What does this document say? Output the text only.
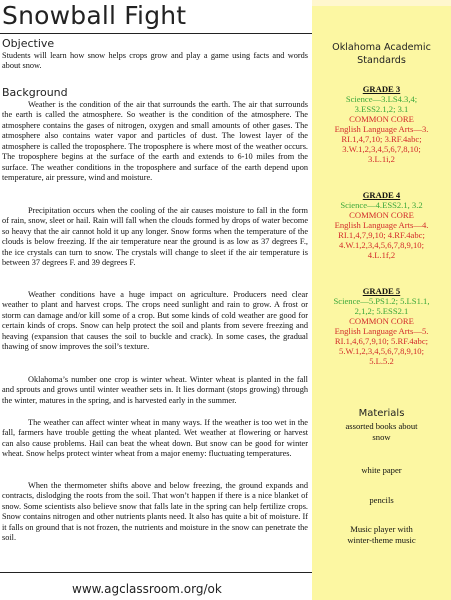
Snowball Fight
Objective

Students will learn how snow helps crops grow and play a game using facts and words about snow.

Background

Weather is the condition of the air that surrounds the earth. The air that surrounds the earth is called the atmosphere. So weather is the condition of the atmosphere. The atmosphere contains the gases of nitrogen, oxygen and small amounts of other gases. The atmosphere also contains water vapor and particles of dust. The lowest layer of the atmosphere is called the troposphere. The troposphere is where most of the weather occurs. The troposphere begins at the surface of the earth and extends to 6-10 miles from the surface. The weather conditions in the troposphere and surface of the earth depend upon temperature, air pressure, wind and moisture.

Precipitation occurs when the cooling of the air causes moisture to fall in the form of rain, snow, sleet or hail. Rain will fall when the clouds formed by drops of water become so heavy that the air cannot hold it up any longer. Snow forms when the temperature of the clouds is below freezing. If the air temperature near the ground is as low as 37 degrees F., the ice crystals can turn to snow. The crystals will change to sleet if the air temperature is between 37 degrees F. and 39 degrees F.

Weather conditions have a huge impact on agriculture. Producers need clear weather to plant and harvest crops. The crops need sunlight and rain to grow. A frost or storm can damage and/or kill some of a crop. But some kinds of cold weather are good for certain kinds of crops. Snow can help protect the soil and plants from severe freezing and heaving (expansion that causes the soil to buckle and crack). In some cases, the gradual thawing of snow improves the soil’s texture.

Oklahoma’s number one crop is winter wheat. Winter wheat is planted in the fall and sprouts and grows until winter weather sets in. It lies dormant (stops growing) through the winter, matures in the spring, and is harvested early in the summer.

The weather can affect winter wheat in many ways. If the weather is too wet in the fall, farmers have trouble getting the wheat planted. Wet weather at flowering or harvest can also cause problems. Hail can beat the wheat down. But snow can be good for winter wheat. Snow helps protect winter wheat from a major enemy: fluctuating temperatures.

When the thermometer shifts above and below freezing, the ground expands and contracts, dislodging the roots from the soil. That won’t happen if there is a nice blanket of snow. Some scientists also believe snow that falls late in the spring can help fertilize crops. Snow contains nitrogen and other nutrients plants need. It also has quite a bit of moisture. If it falls on ground that is not frozen, the nutrients and moisture in the snow can penetrate the soil.

www.agclassroom.org/ok
Oklahoma Academic
Standards
GRADE 3
Science—3.LS4.3,4;
3.ESS2.1,2; 3.1
COMMON CORE
English Language Arts—3.
RI.1,4,7,10; 3.RF.4abc;
3.W.1,2,3,4,5,6,7,8,10;
3.L.1i,2
GRADE 4
Science—4.ESS2.1, 3.2
COMMON CORE
English Language Arts—4.
RI.1,4,7,9,10; 4.RF.4abc;
4.W.1,2,3,4,5,6,7,8,9,10;
4.L.1f,2
GRADE 5
Science—5.PS1.2; 5.LS1.1,
2,1,2; 5.ESS2.1
COMMON CORE
English Language Arts—5.
RI.1,4,6,7,9,10; 5.RF.4abc;
5.W.1,2,3,4,5,6,7,8,9,10;
5.L.5.2
Materials
assorted books about
snow
white paper
pencils
Music player with
winter-theme music
